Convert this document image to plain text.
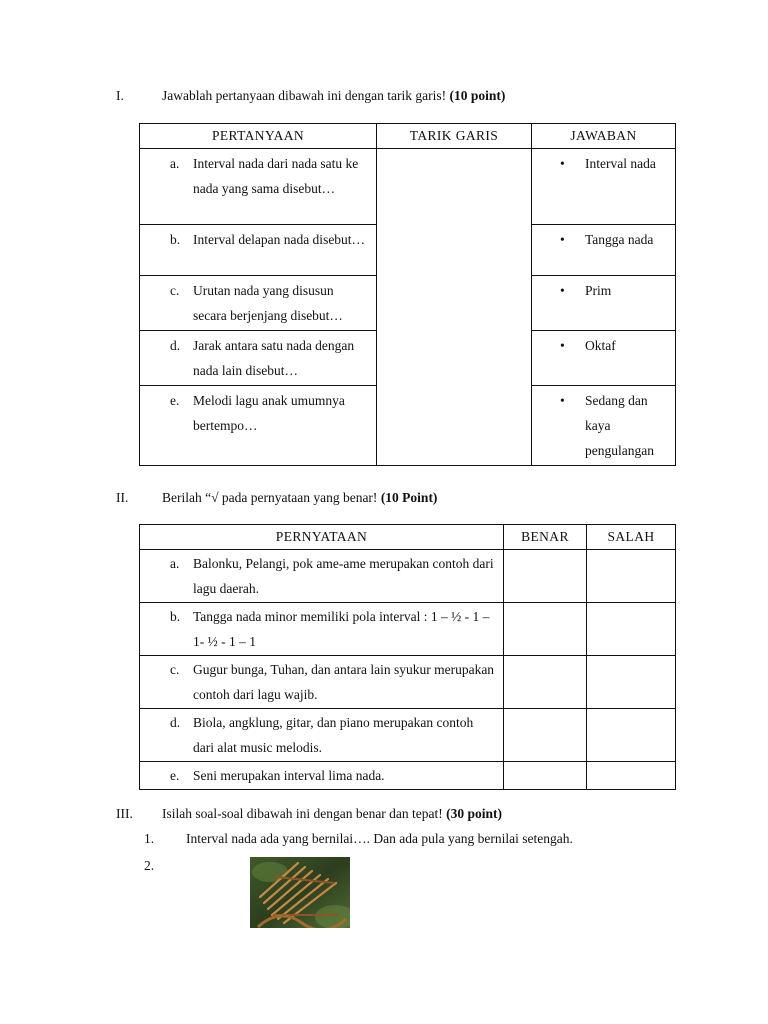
I.	Jawablah pertanyaan dibawah ini dengan tarik garis! (10 point)
PERTANYAAN	TARIK GARIS	JAWABAN

a. Interval nada dari nada satu ke nada yang sama disebut…		• Interval nada

b. Interval delapan nada disebut…		• Tangga nada

c. Urutan nada yang disusun secara berjenjang disebut…		• Prim

d. Jarak antara satu nada dengan nada lain disebut…		• Oktaf

e. Melodi lagu anak umumnya bertempo…		• Sedang dan kaya pengulangan
II. Berilah “√ pada pernyataan yang benar! (10 Point)
PERNYATAAN	BENAR	SALAH

a. Balonku, Pelangi, pok ame-ame merupakan contoh dari lagu daerah.		

b. Tangga nada minor memiliki pola interval : 1 – ½ - 1 – 1- ½ - 1 – 1		

c. Gugur bunga, Tuhan, dan antara lain syukur merupakan contoh dari lagu wajib.		

d. Biola, angklung, gitar, dan piano merupakan contoh dari alat music melodis.		

e. Seni merupakan interval lima nada.		

III. Isilah soal-soal dibawah ini dengan benar dan tepat! (30 point)
1. Interval nada ada yang bernilai…. Dan ada pula yang bernilai setengah.
2.
